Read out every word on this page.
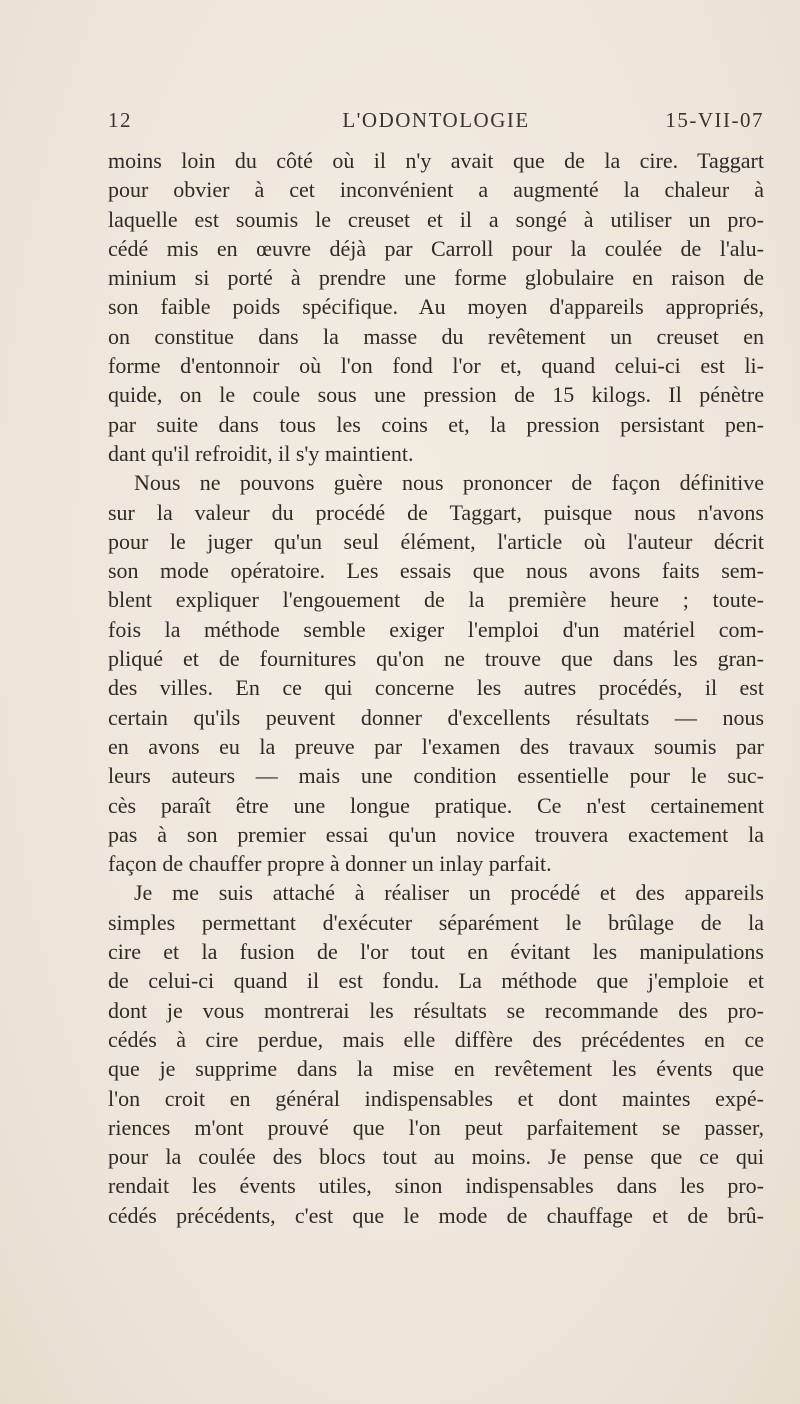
12	L'ODONTOLOGIE	15-VII-07
moins loin du côté où il n'y avait que de la cire. Taggart
pour obvier à cet inconvénient a augmenté la chaleur à
laquelle est soumis le creuset et il a songé à utiliser un pro-
cédé mis en œuvre déjà par Carroll pour la coulée de l'alu-
minium si porté à prendre une forme globulaire en raison de
son faible poids spécifique. Au moyen d'appareils appropriés,
on constitue dans la masse du revêtement un creuset en
forme d'entonnoir où l'on fond l'or et, quand celui-ci est li-
quide, on le coule sous une pression de 15 kilogs. Il pénètre
par suite dans tous les coins et, la pression persistant pen-
dant qu'il refroidit, il s'y maintient.
Nous ne pouvons guère nous prononcer de façon définitive
sur la valeur du procédé de Taggart, puisque nous n'avons
pour le juger qu'un seul élément, l'article où l'auteur décrit
son mode opératoire. Les essais que nous avons faits sem-
blent expliquer l'engouement de la première heure ; toute-
fois la méthode semble exiger l'emploi d'un matériel com-
pliqué et de fournitures qu'on ne trouve que dans les gran-
des villes. En ce qui concerne les autres procédés, il est
certain qu'ils peuvent donner d'excellents résultats — nous
en avons eu la preuve par l'examen des travaux soumis par
leurs auteurs — mais une condition essentielle pour le suc-
cès paraît être une longue pratique. Ce n'est certainement
pas à son premier essai qu'un novice trouvera exactement la
façon de chauffer propre à donner un inlay parfait.
Je me suis attaché à réaliser un procédé et des appareils
simples permettant d'exécuter séparément le brûlage de la
cire et la fusion de l'or tout en évitant les manipulations
de celui-ci quand il est fondu. La méthode que j'emploie et
dont je vous montrerai les résultats se recommande des pro-
cédés à cire perdue, mais elle diffère des précédentes en ce
que je supprime dans la mise en revêtement les évents que
l'on croit en général indispensables et dont maintes expé-
riences m'ont prouvé que l'on peut parfaitement se passer,
pour la coulée des blocs tout au moins. Je pense que ce qui
rendait les évents utiles, sinon indispensables dans les pro-
cédés précédents, c'est que le mode de chauffage et de brû-
